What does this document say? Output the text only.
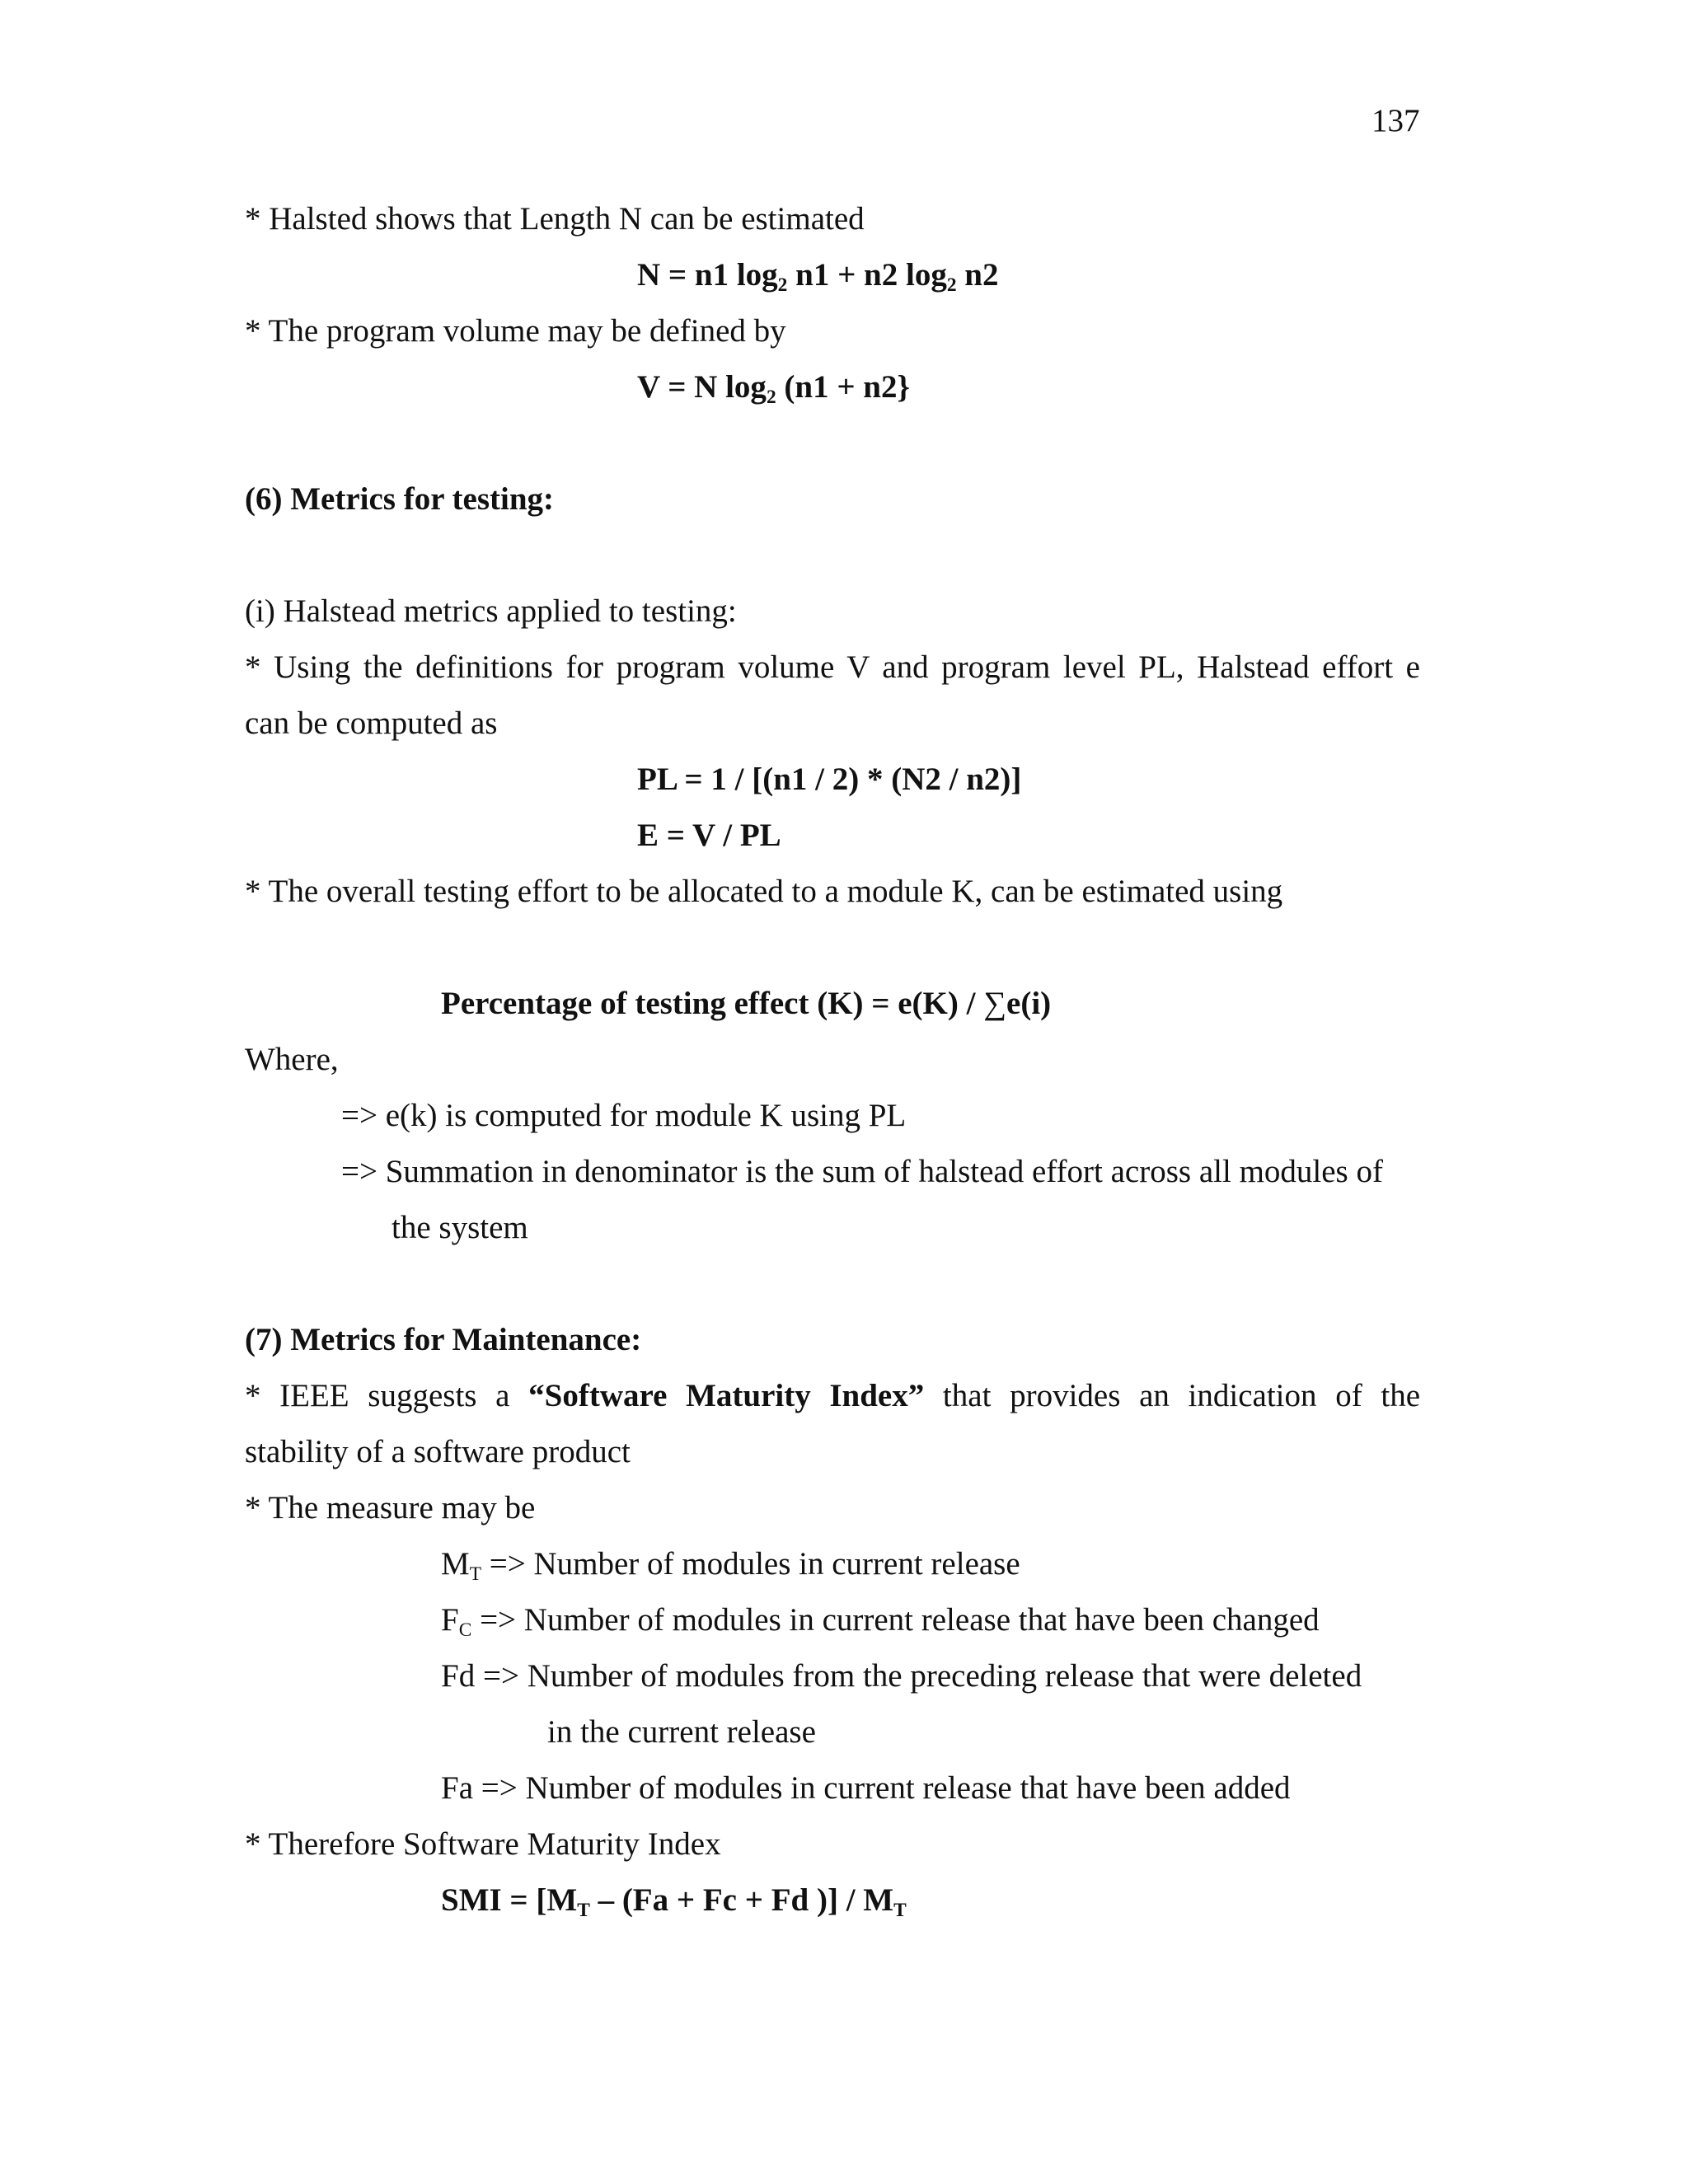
137
* Halsted shows that Length N can be estimated
N = n1 log2 n1 + n2 log2 n2
* The program volume may be defined by
V = N log2 (n1 + n2}
(6) Metrics for testing:
(i) Halstead metrics applied to testing:
* Using the definitions for program volume V and program level PL, Halstead effort e
can be computed as
PL = 1 / [(n1 / 2) * (N2 / n2)]
E = V / PL
* The overall testing effort to be allocated to a module K, can be estimated using
Percentage of testing effect (K) = e(K) / ∑e(i)
Where,
=> e(k) is computed for module K using PL
=> Summation in denominator is the sum of halstead effort across all modules of
the system
(7) Metrics for Maintenance:
* IEEE suggests a “Software Maturity Index” that provides an indication of the
stability of a software product
* The measure may be
MT => Number of modules in current release
FC => Number of modules in current release that have been changed
Fd => Number of modules from the preceding release that were deleted
in the current release
Fa => Number of modules in current release that have been added
* Therefore Software Maturity Index
SMI = [MT – (Fa + Fc + Fd )] / MT
